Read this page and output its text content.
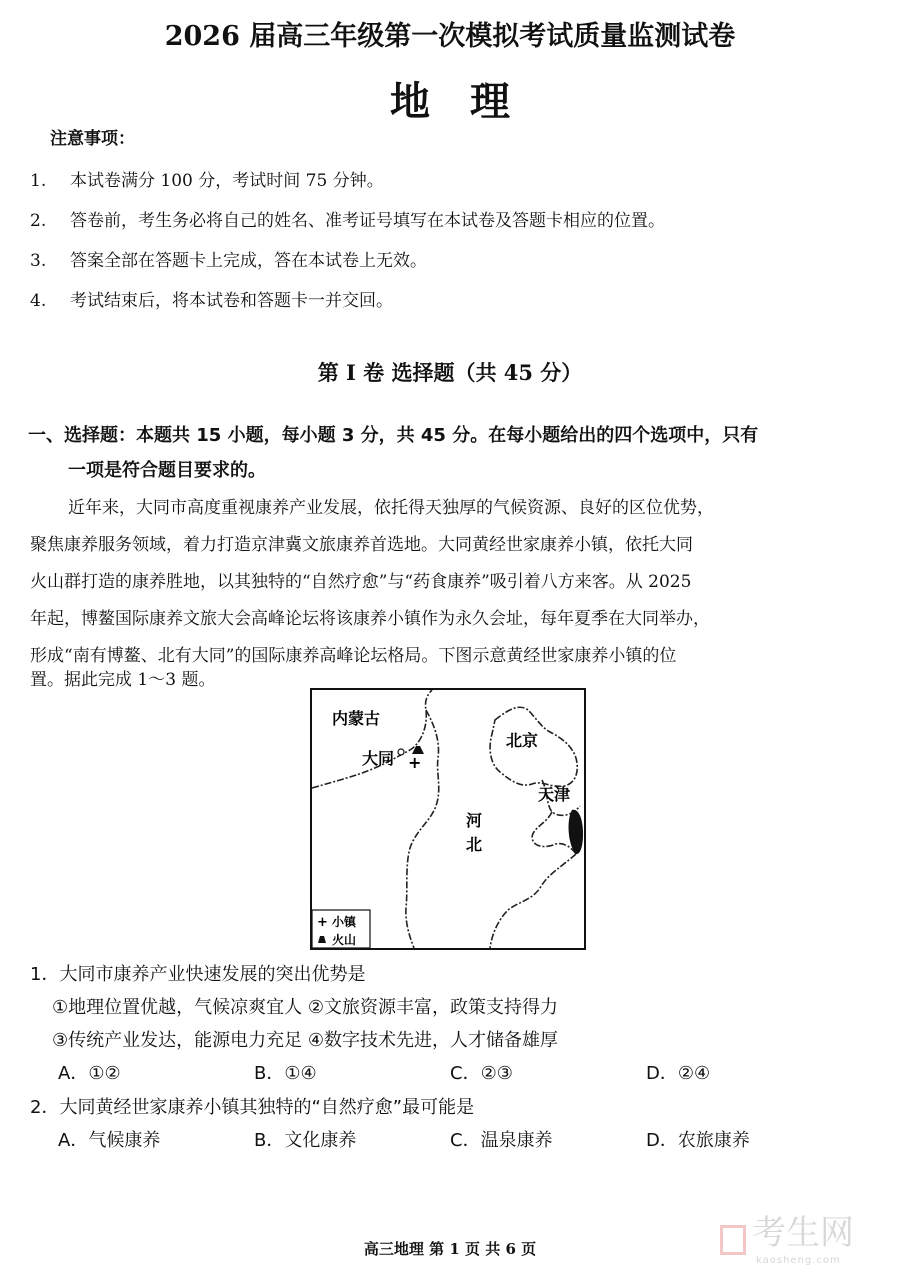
2026 届高三年级第一次模拟考试质量监测试卷
地理
注意事项：
1. 本试卷满分 100 分，考试时间 75 分钟。
2. 答卷前，考生务必将自己的姓名、准考证号填写在本试卷及答题卡相应的位置。
3. 答案全部在答题卡上完成，答在本试卷上无效。
4. 考试结束后，将本试卷和答题卡一并交回。
第 I 卷 选择题（共 45 分）
一、选择题：本题共 15 小题，每小题 3 分，共 45 分。在每小题给出的四个选项中，只有
一项是符合题目要求的。
近年来，大同市高度重视康养产业发展，依托得天独厚的气候资源、良好的区位优势，
聚焦康养服务领域，着力打造京津冀文旅康养首选地。大同黄经世家康养小镇，依托大同
火山群打造的康养胜地，以其独特的“自然疗愈”与“药食康养”吸引着八方来客。从 2025
年起，博鳌国际康养文旅大会高峰论坛将该康养小镇作为永久会址，每年夏季在大同举办，
形成“南有博鳌、北有大同”的国际康养高峰论坛格局。下图示意黄经世家康养小镇的位
置。据此完成 1～3 题。
内蒙古
大同 +
北京
天津
河
北
+ 小镇
火山
1．大同市康养产业快速发展的突出优势是
①地理位置优越，气候凉爽宜人 ②文旅资源丰富，政策支持得力
③传统产业发达，能源电力充足 ④数字技术先进，人才储备雄厚
A．①②	B．①④	C．②③	D．②④
2．大同黄经世家康养小镇其独特的“自然疗愈”最可能是
A．气候康养	B．文化康养	C．温泉康养	D．农旅康养
考生网
kaosheng.com
高三地理 第 1 页 共 6 页
